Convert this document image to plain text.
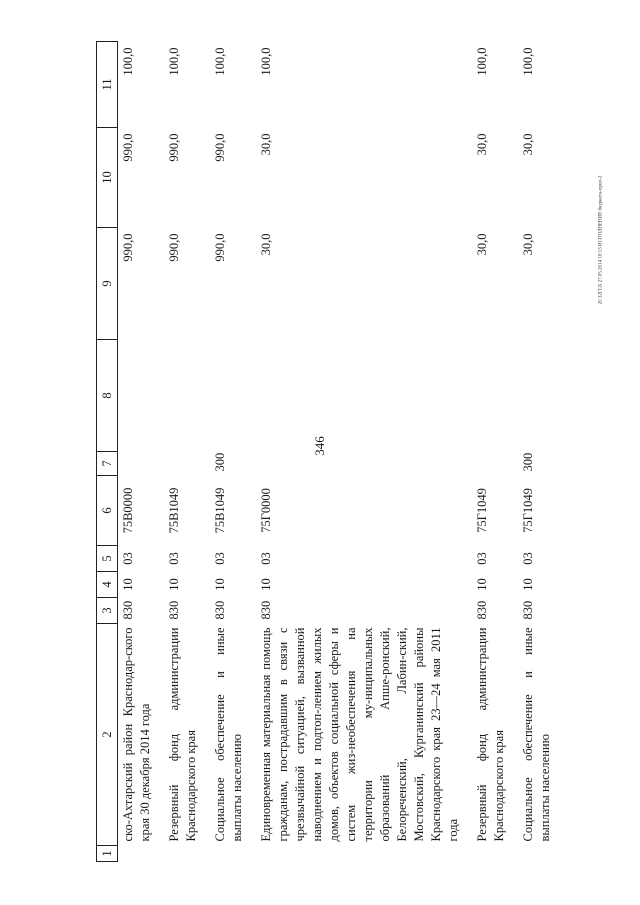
346
20 32ГСА 27.05.2014 10:13 ИСПОЛНЕНИЕ бюджета-прил-2
1	2	3	4	5	6	7	8	9	10	11
	ско-Ахтарский район Краснодар-ского края 30 декабря 2014 года	830	10	03	75В0000			990,0	990,0	100,0
	Резервный фонд администрации Краснодарского края	830	10	03	75В1049			990,0	990,0	100,0
	Социальное обеспечение и иные выплаты населению	830	10	03	75В1049	300		990,0	990,0	100,0
	Единовременная материальная помощь гражданам, пострадавшим в связи с чрезвычайной ситуацией, вызванной наводнением и подтоп-лением жилых домов, объектов социальной сферы и систем жиз-необеспечения на территории му-ниципальных образований Апше-ронский, Белореченский, Лабин-ский, Мостовский, Курганинский районы Краснодарского края 23—24 мая 2011 года	830	10	03	75Г0000			30,0	30,0	100,0
	Резервный фонд администрации Краснодарского края	830	10	03	75Г1049			30,0	30,0	100,0
	Социальное обеспечение и иные выплаты населению	830	10	03	75Г1049	300		30,0	30,0	100,0
